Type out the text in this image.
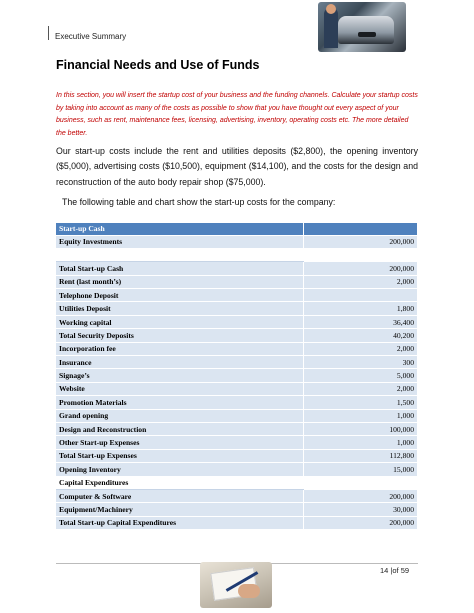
Executive Summary
Financial Needs and Use of Funds

In this section, you will insert the startup cost of your business and the funding channels. Calculate your startup costs by taking into account as many of the costs as possible to show that you have thought out every aspect of your business, such as rent, maintenance fees, licensing, advertising, inventory, operating costs etc. The more detailed the better.

Our start-up costs include the rent and utilities deposits ($2,800), the opening inventory ($5,000), advertising costs ($10,500), equipment ($14,100), and the costs for the design and reconstruction of the auto body repair shop ($75,000).

The following table and chart show the start-up costs for the company:

Start-up Cash	
Equity Investments	200,000

Total Start-up Cash	200,000
Rent (last month’s)	2,000
Telephone Deposit	
Utilities Deposit	1,800
Working capital	36,400
Total Security Deposits	40,200
Incorporation fee	2,000
Insurance	300
Signage’s	5,000
Website	2,000
Promotion Materials	1,500
Grand opening	1,000
Design and Reconstruction	100,000
Other Start-up Expenses	1,000
Total Start-up Expenses	112,800
Opening Inventory	15,000
Capital Expenditures	
Computer & Software	200,000
Equipment/Machinery	30,000
Total Start-up Capital Expenditures	200,000
14 |of 59
